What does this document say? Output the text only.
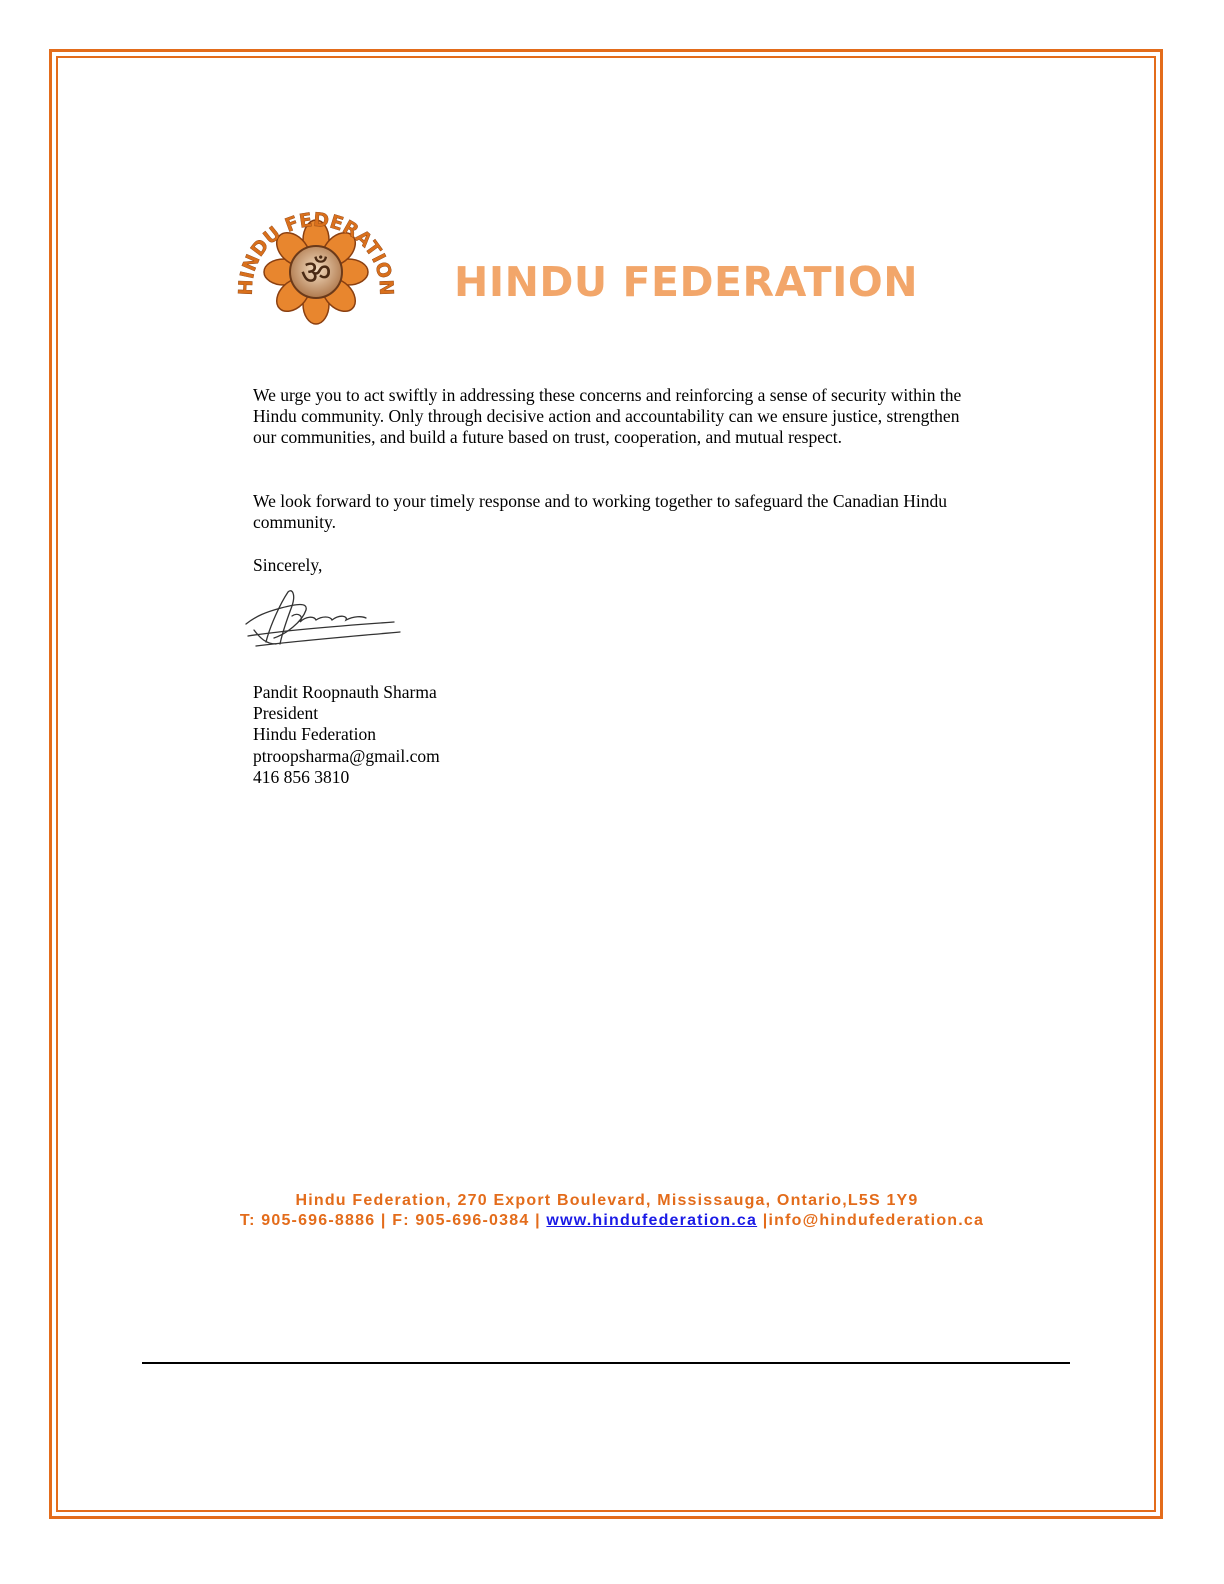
ॐ
HINDU FEDERATION HINDU FEDERATION
We urge you to act swiftly in addressing these concerns and reinforcing a sense of security within the Hindu community. Only through decisive action and accountability can we ensure justice, strengthen our communities, and build a future based on trust, cooperation, and mutual respect.
We look forward to your timely response and to working together to safeguard the Canadian Hindu community.
Sincerely,
Pandit Roopnauth Sharma
President
Hindu Federation
ptroopsharma@gmail.com
416 856 3810
Hindu Federation, 270 Export Boulevard, Mississauga, Ontario,L5S 1Y9
T: 905-696-8886 | F: 905-696-0384 | www.hindufederation.ca |info@hindufederation.ca
